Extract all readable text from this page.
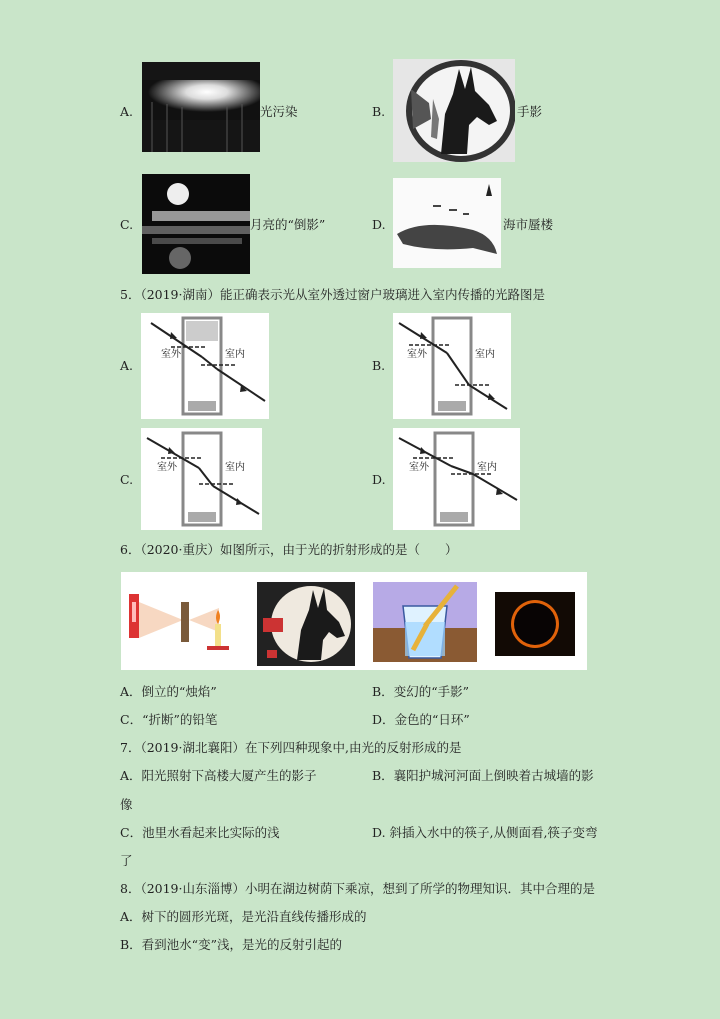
A.	光污染	B.	手影
C.	月亮的“倒影”	D.	海市蜃楼
5．（2019·湖南）能正确表示光从室外透过窗户玻璃进入室内传播的光路图是
A.
室外	室内
B.
室外	室内
C.
室外	室内
D.
室外	室内
6．（2020·重庆）如图所示，由于光的折射形成的是（　　）
A．倒立的“烛焰”	B．变幻的“手影”
C．“折断”的铅笔	D．金色的“日环”
7．（2019·湖北襄阳）在下列四种现象中,由光的反射形成的是
A．阳光照射下高楼大厦产生的影子	B．襄阳护城河河面上倒映着古城墙的影
像
C．池里水看起来比实际的浅	D. 斜插入水中的筷子,从侧面看,筷子变弯
了
8．（2019·山东淄博）小明在湖边树荫下乘凉，想到了所学的物理知识．其中合理的是
A．树下的圆形光斑，是光沿直线传播形成的
B．看到池水“变”浅，是光的反射引起的
